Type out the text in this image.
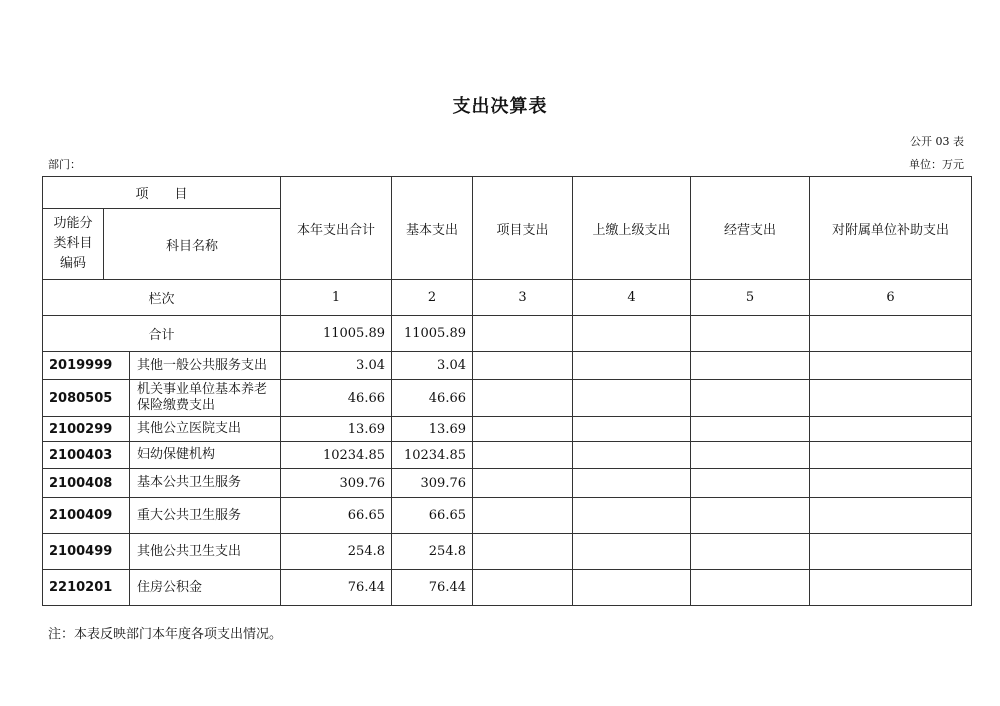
支出决算表
公开 03 表
部门：	单位：万元
项　　目			本年支出合计	基本支出	项目支出	上缴上级支出	经营支出	对附属单位补助支出
功能分类科目编码	科目名称							
栏次			1	2	3	4	5	6
合计			11005.89	11005.89				
2019999		其他一般公共服务支出	3.04	3.04				
2080505		机关事业单位基本养老保险缴费支出	46.66	46.66				
2100299		其他公立医院支出	13.69	13.69				
2100403		妇幼保健机构	10234.85	10234.85				
2100408		基本公共卫生服务	309.76	309.76				
2100409		重大公共卫生服务	66.65	66.65				
2100499		其他公共卫生支出	254.8	254.8				
2210201		住房公积金	76.44	76.44				
注：本表反映部门本年度各项支出情况。
